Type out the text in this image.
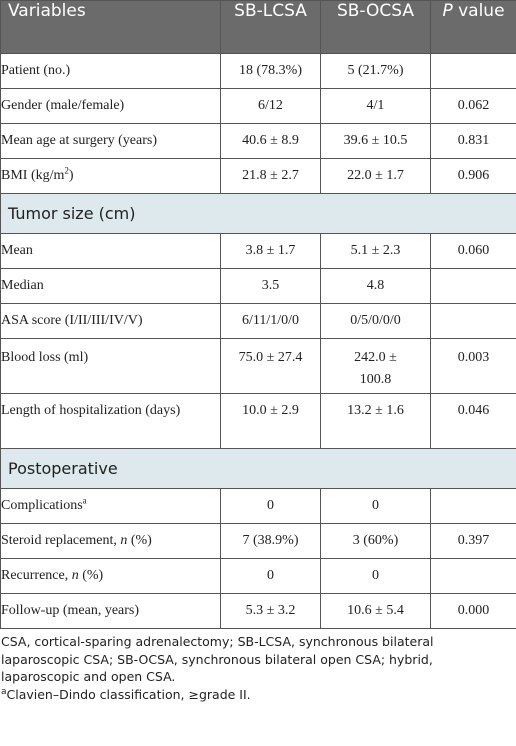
Variables	SB-LCSA	SB-OCSA	P value
Patient (no.)	18 (78.3%)	5 (21.7%)	
Gender (male/female)	6/12	4/1	0.062
Mean age at surgery (years)	40.6 ± 8.9	39.6 ± 10.5	0.831
BMI $(kg/m^2)$	21.8 ± 2.7	22.0 ± 1.7	0.906
Tumor size (cm)			
Mean	3.8 ± 1.7	5.1 ± 2.3	0.060
Median	3.5	4.8	
ASA score (I/II/III/IV/V)	6/11/1/0/0	0/5/0/0/0	
Blood loss (ml)	75.0 ± 27.4	242.0 ± 100.8	0.003
Length of hospitalization (days)	10.0 ± 2.9	13.2 ± 1.6	0.046
Postoperative			
Complications$^a$	0	0	
Steroid replacement, n (%)	7 (38.9%)	3 (60%)	0.397
Recurrence, n (%)	0	0	
Follow-up (mean, years)	5.3 ± 3.2	10.6 ± 5.4	0.000

CSA, cortical-sparing adrenalectomy; SB-LCSA, synchronous bilateral laparoscopic CSA; SB-OCSA, synchronous bilateral open CSA; hybrid, laparoscopic and open CSA.

$^a$Clavien–Dindo classification, ≥grade II.
